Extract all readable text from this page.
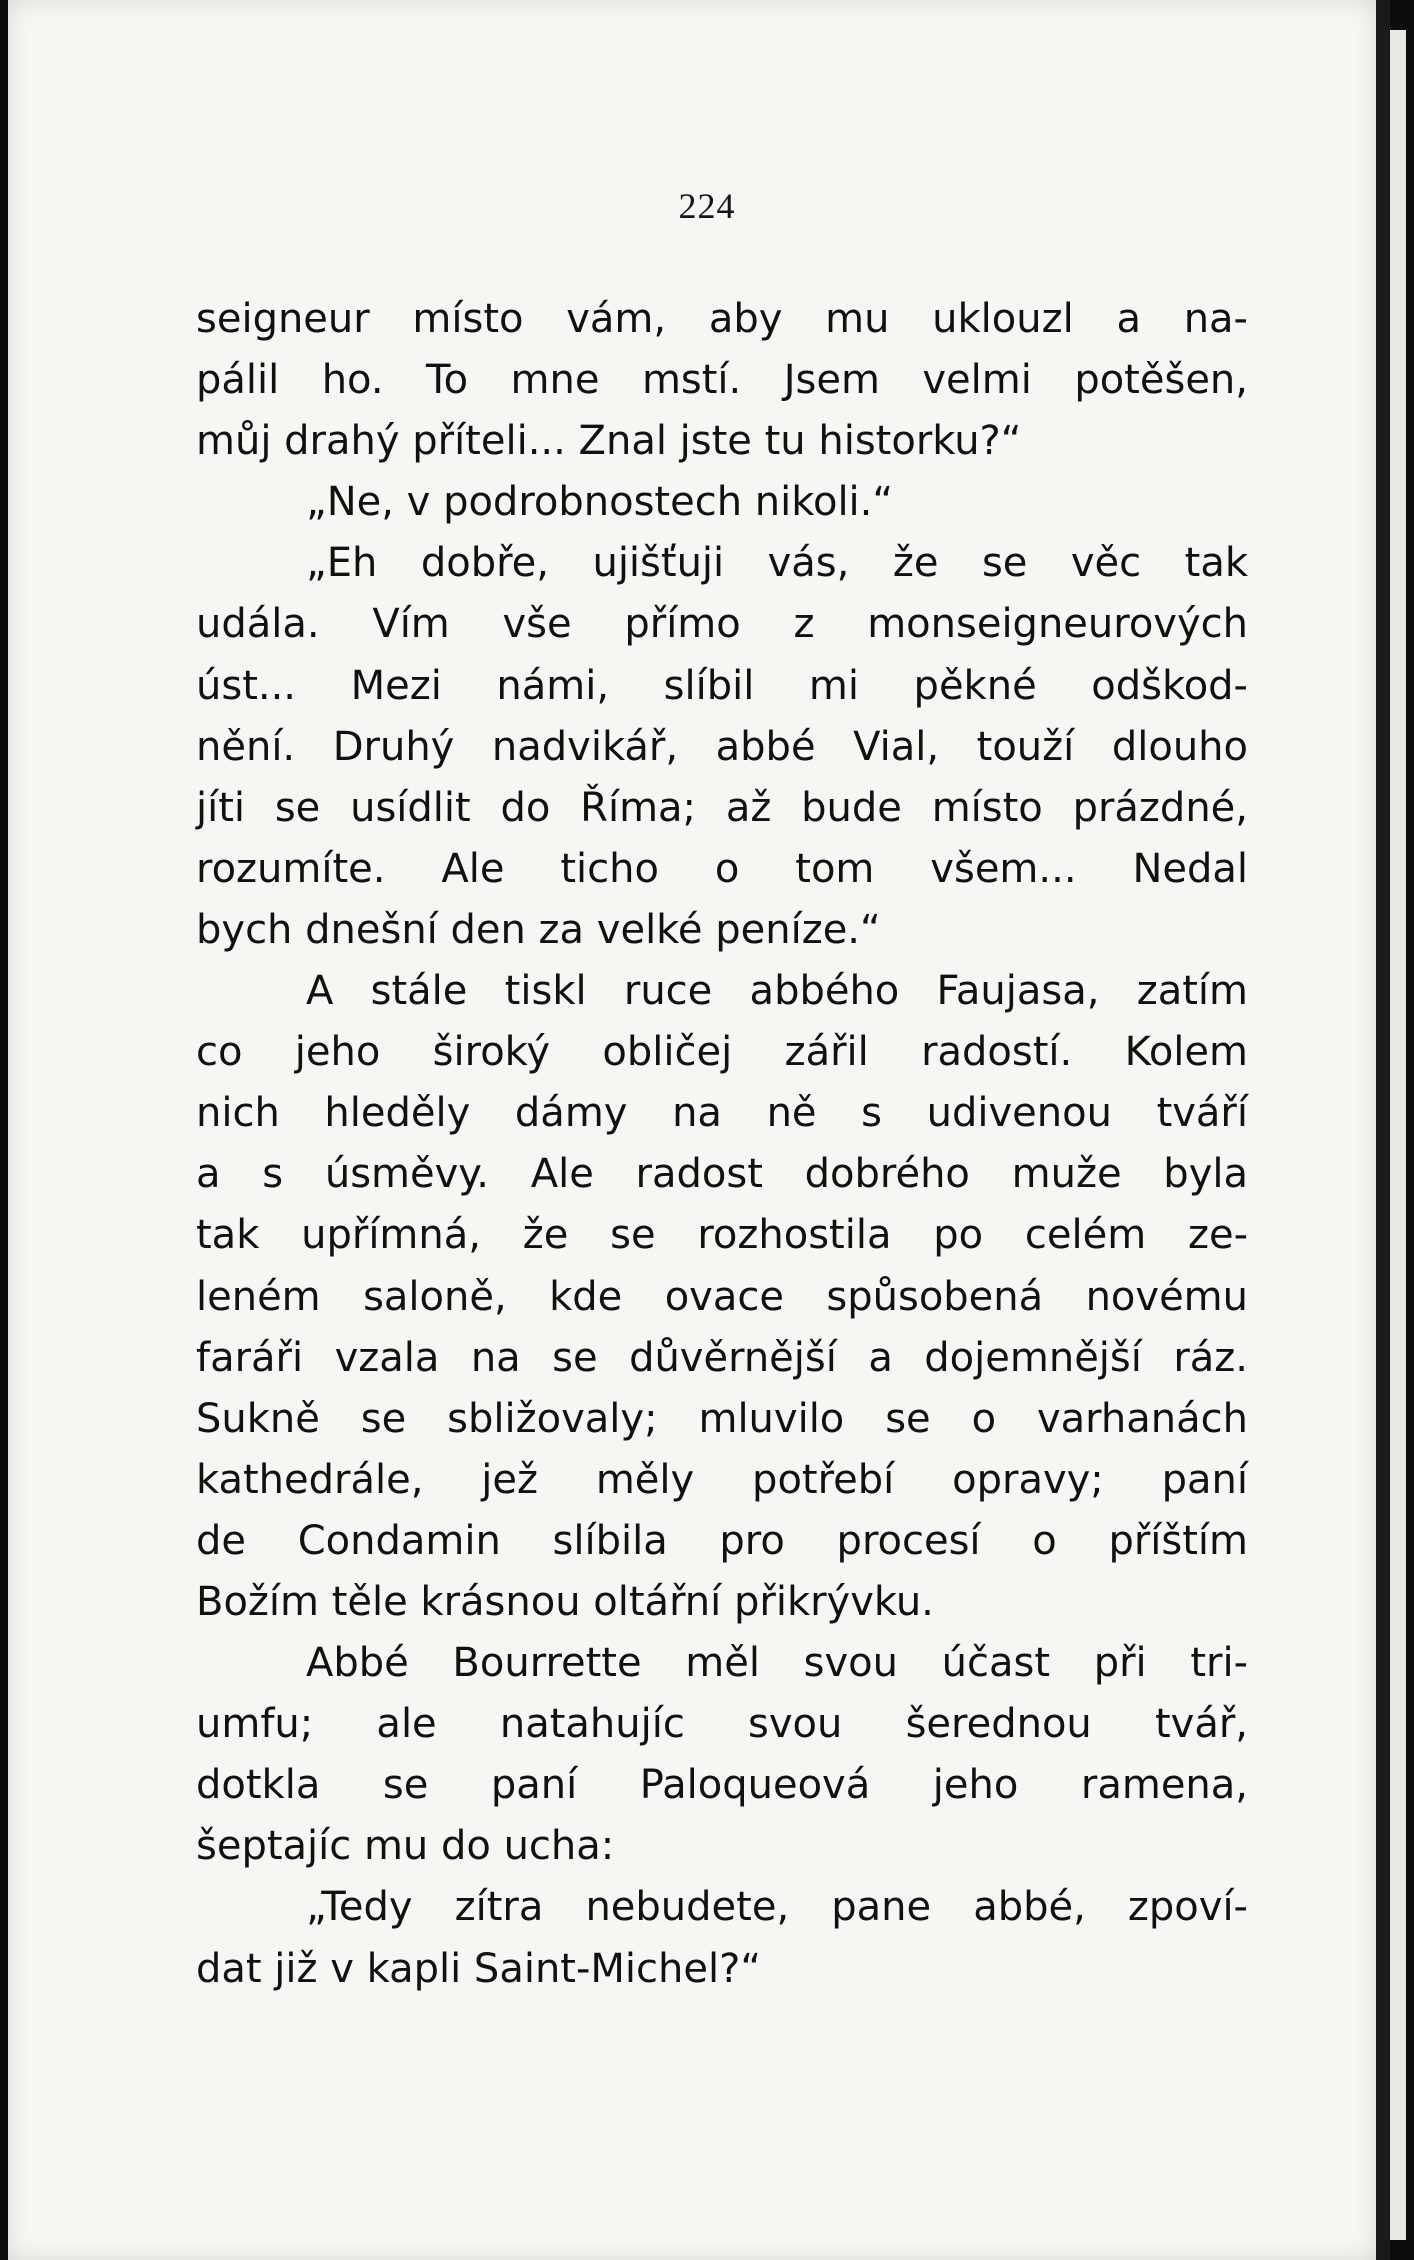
224
seigneur místo vám, aby mu uklouzl a na-
pálil ho. To mne mstí. Jsem velmi potěšen,
můj drahý příteli... Znal jste tu historku?“
„Ne, v podrobnostech nikoli.“
„Eh dobře, ujišťuji vás, že se věc tak
udála. Vím vše přímo z monseigneurových
úst... Mezi námi, slíbil mi pěkné odškod-
nění. Druhý nadvikář, abbé Vial, touží dlouho
jíti se usídlit do Říma; až bude místo prázdné,
rozumíte. Ale ticho o tom všem... Nedal
bych dnešní den za velké peníze.“
A stále tiskl ruce abbého Faujasa, zatím
co jeho široký obličej zářil radostí. Kolem
nich hleděly dámy na ně s udivenou tváří
a s úsměvy. Ale radost dobrého muže byla
tak upřímná, že se rozhostila po celém ze-
leném saloně, kde ovace spůsobená novému
faráři vzala na se důvěrnější a dojemnější ráz.
Sukně se sbližovaly; mluvilo se o varhanách
kathedrále, jež měly potřebí opravy; paní
de Condamin slíbila pro procesí o příštím
Božím těle krásnou oltářní přikrývku.
Abbé Bourrette měl svou účast při tri-
umfu; ale natahujíc svou šerednou tvář,
dotkla se paní Paloqueová jeho ramena,
šeptajíc mu do ucha:
„Tedy zítra nebudete, pane abbé, zpoví-
dat již v kapli Saint-Michel?“
